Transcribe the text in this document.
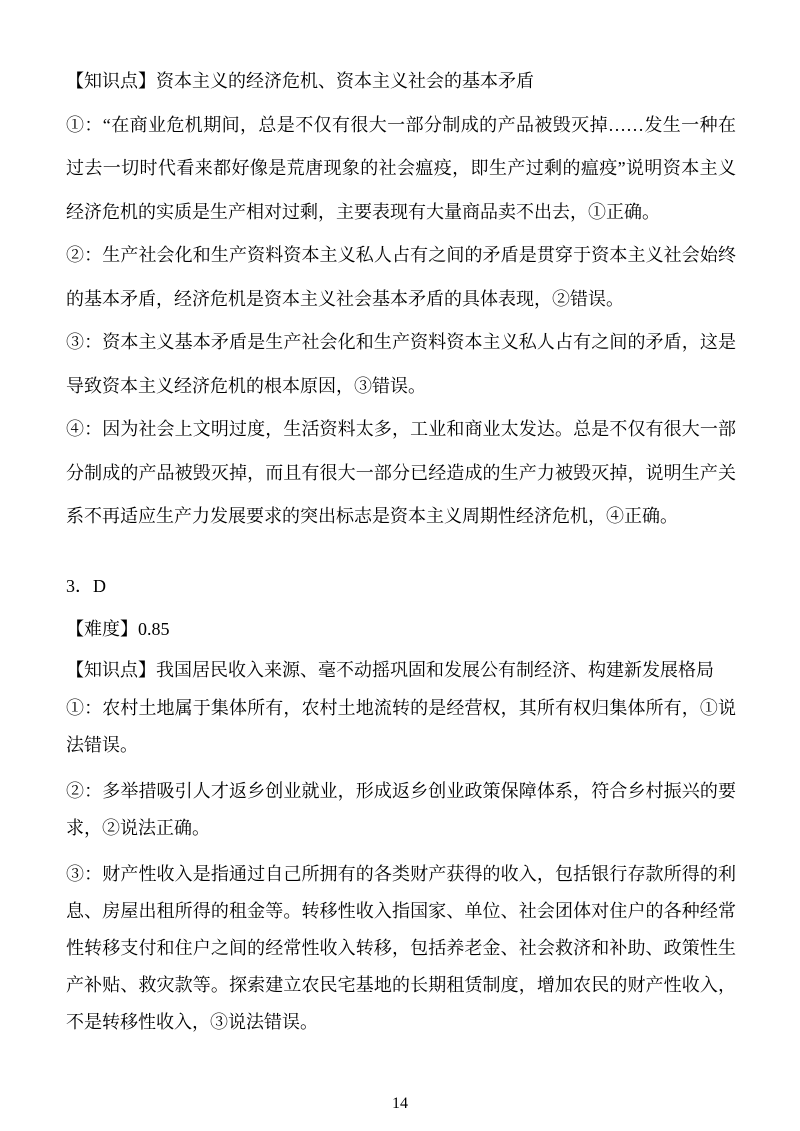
【知识点】资本主义的经济危机、资本主义社会的基本矛盾

①：“在商业危机期间，总是不仅有很大一部分制成的产品被毁灭掉……发生一种在过去一切时代看来都好像是荒唐现象的社会瘟疫，即生产过剩的瘟疫”说明资本主义经济危机的实质是生产相对过剩，主要表现有大量商品卖不出去，①正确。

②：生产社会化和生产资料资本主义私人占有之间的矛盾是贯穿于资本主义社会始终的基本矛盾，经济危机是资本主义社会基本矛盾的具体表现，②错误。

③：资本主义基本矛盾是生产社会化和生产资料资本主义私人占有之间的矛盾，这是导致资本主义经济危机的根本原因，③错误。

④：因为社会上文明过度，生活资料太多，工业和商业太发达。总是不仅有很大一部分制成的产品被毁灭掉，而且有很大一部分已经造成的生产力被毁灭掉，说明生产关系不再适应生产力发展要求的突出标志是资本主义周期性经济危机，④正确。

3．D

【难度】0.85

【知识点】我国居民收入来源、毫不动摇巩固和发展公有制经济、构建新发展格局

①：农村土地属于集体所有，农村土地流转的是经营权，其所有权归集体所有，①说法错误。

②：多举措吸引人才返乡创业就业，形成返乡创业政策保障体系，符合乡村振兴的要求，②说法正确。

③：财产性收入是指通过自己所拥有的各类财产获得的收入，包括银行存款所得的利息、房屋出租所得的租金等。转移性收入指国家、单位、社会团体对住户的各种经常性转移支付和住户之间的经常性收入转移，包括养老金、社会救济和补助、政策性生产补贴、救灾款等。探索建立农民宅基地的长期租赁制度，增加农民的财产性收入，不是转移性收入，③说法错误。

14
